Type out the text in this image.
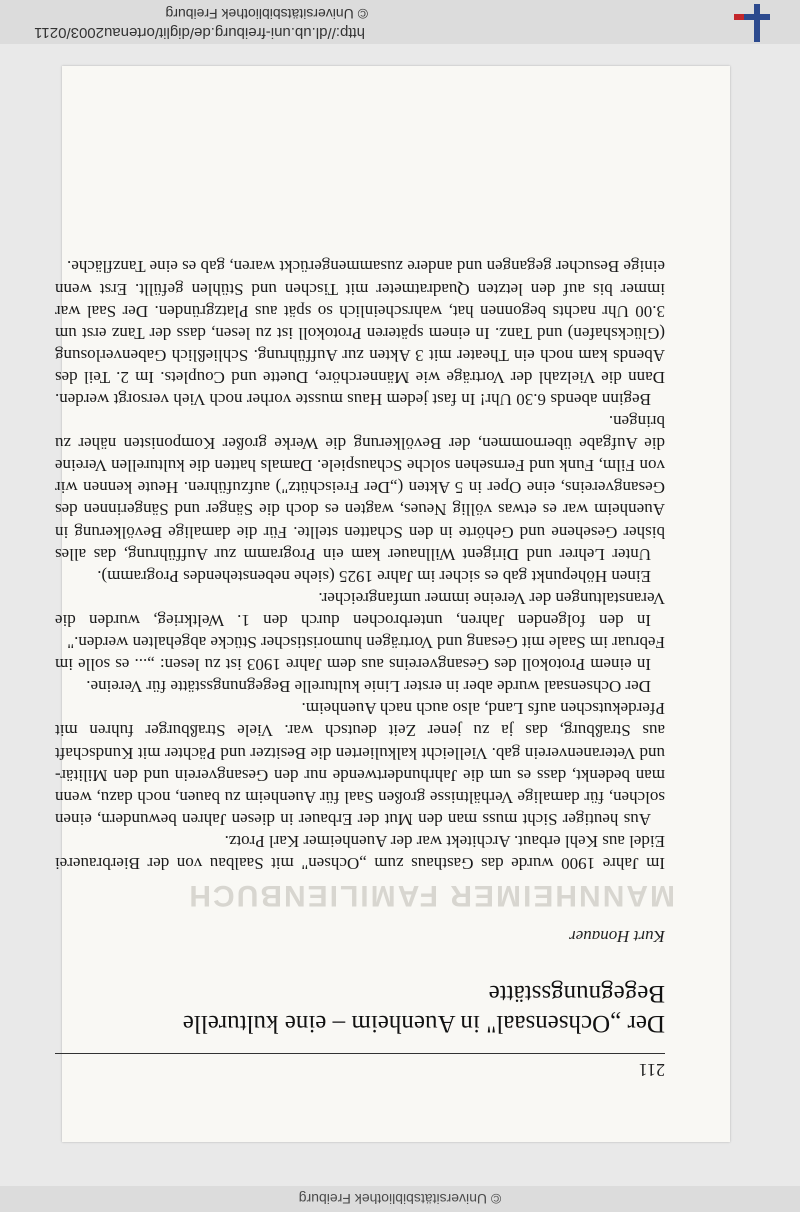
© Universitätsbibliothek Freiburg
211
Der „Ochsensaal" in Auenheim – eine kulturelle Begegnungsstätte
Kurt Honauer
MANNHEIMER FAMILIENBUCH

Im Jahre 1900 wurde das Gasthaus zum „Ochsen" mit Saalbau von der Bierbrauerei Eidel aus Kehl erbaut. Architekt war der Auenheimer Karl Protz.

Aus heutiger Sicht muss man den Mut der Erbauer in diesen Jahren bewundern, einen solchen, für damalige Verhältnisse großen Saal für Auenheim zu bauen, noch dazu, wenn man bedenkt, dass es um die Jahrhundertwende nur den Gesangverein und den Militär- und Veteranenverein gab. Vielleicht kalkulierten die Besitzer und Pächter mit Kundschaft aus Straßburg, das ja zu jener Zeit deutsch war. Viele Straßburger fuhren mit Pferdekutschen aufs Land, also auch nach Auenheim.

Der Ochsensaal wurde aber in erster Linie kulturelle Begegnungsstätte für Vereine.

In einem Protokoll des Gesangvereins aus dem Jahre 1903 ist zu lesen: „... es solle im Februar im Saale mit Gesang und Vorträgen humoristischer Stücke abgehalten werden."

In den folgenden Jahren, unterbrochen durch den 1. Weltkrieg, wurden die Veranstaltungen der Vereine immer umfangreicher.

Einen Höhepunkt gab es sicher im Jahre 1925 (siehe nebenstehendes Programm).

Unter Lehrer und Dirigent Willnauer kam ein Programm zur Aufführung, das alles bisher Gesehene und Gehörte in den Schatten stellte. Für die damalige Bevölkerung in Auenheim war es etwas völlig Neues, wagten es doch die Sänger und Sängerinnen des Gesangvereins, eine Oper in 5 Akten („Der Freischütz") aufzuführen. Heute kennen wir von Film, Funk und Fernsehen solche Schauspiele. Damals hatten die kulturellen Vereine die Aufgabe übernommen, der Bevölkerung die Werke großer Komponisten näher zu bringen.

Beginn abends 6.30 Uhr! In fast jedem Haus musste vorher noch Vieh versorgt werden. Dann die Vielzahl der Vorträge wie Männerchöre, Duette und Couplets. Im 2. Teil des Abends kam noch ein Theater mit 3 Akten zur Aufführung. Schließlich Gabenverlosung (Glückshafen) und Tanz. In einem späteren Protokoll ist zu lesen, dass der Tanz erst um 3.00 Uhr nachts begonnen hat, wahrscheinlich so spät aus Platzgründen. Der Saal war immer bis auf den letzten Quadratmeter mit Tischen und Stühlen gefüllt. Erst wenn einige Besucher gegangen und andere zusammengerückt waren, gab es eine Tanzfläche.

http://dl.ub.uni-freiburg.de/diglit/ortenau2003/0211
© Universitätsbibliothek Freiburg
